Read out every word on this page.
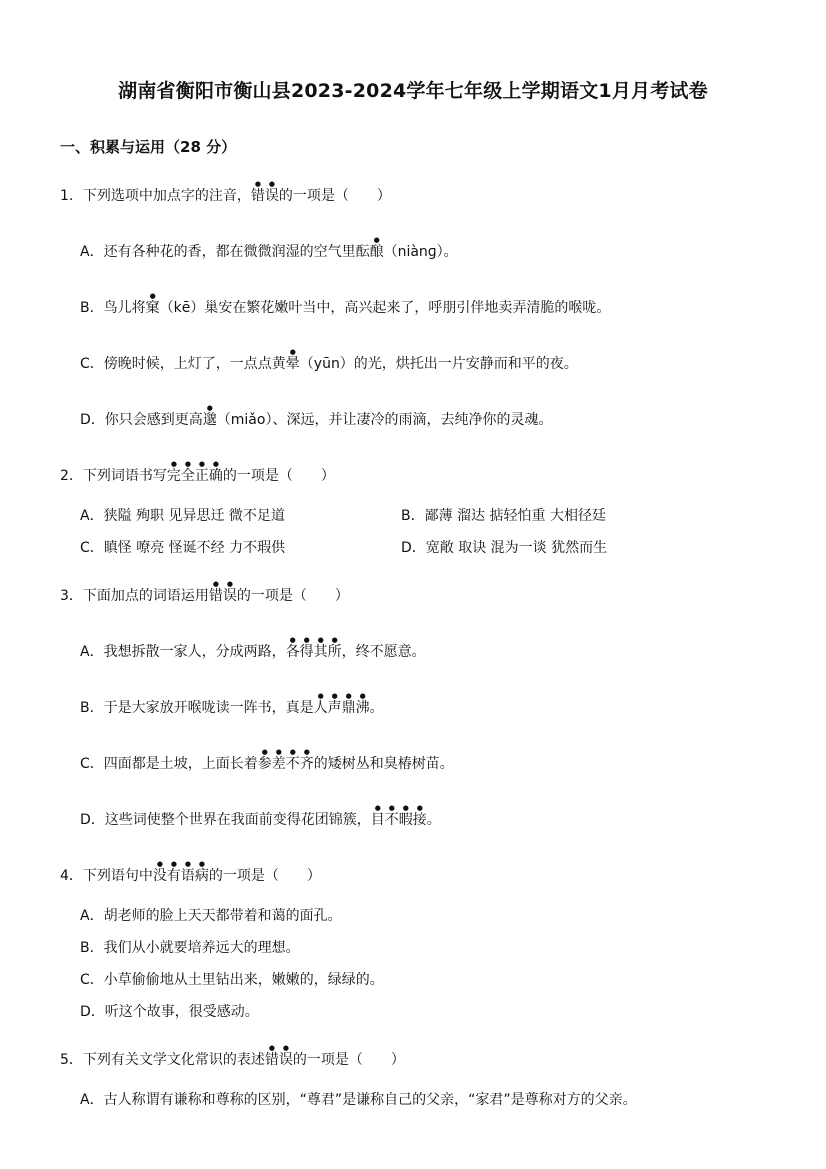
湖南省衡阳市衡山县2023-2024学年七年级上学期语文1月月考试卷
一、积累与运用（28 分）
1．下列选项中加点字的注音，错误的一项是（ ）
A．还有各种花的香，都在微微润湿的空气里酝酿（niànɡ）。
B．鸟儿将窠（kē）巢安在繁花嫩叶当中，高兴起来了，呼朋引伴地卖弄清脆的喉咙。
C．傍晚时候，上灯了，一点点黄晕（yūn）的光，烘托出一片安静而和平的夜。
D．你只会感到更高邈（miǎo）、深远，并让凄冷的雨滴，去纯净你的灵魂。
2．下列词语书写完全正确的一项是（ ）
A．狭隘 殉职 见异思迁 微不足道	B．鄙薄 溜达 掂轻怕重 大相径廷
C．瞋怪 嘹亮 怪诞不经 力不瑕供	D．宽敞 取诀 混为一谈 犹然而生
3．下面加点的词语运用错误的一项是（ ）
A．我想拆散一家人，分成两路，各得其所，终不愿意。
B．于是大家放开喉咙读一阵书，真是人声鼎沸。
C．四面都是土坡，上面长着参差不齐的矮树丛和臭椿树苗。
D．这些词使整个世界在我面前变得花团锦簇，目不暇接。
4．下列语句中没有语病的一项是（ ）
A．胡老师的脸上天天都带着和蔼的面孔。
B．我们从小就要培养远大的理想。
C．小草偷偷地从土里钻出来，嫩嫩的，绿绿的。
D．听这个故事，很受感动。
5．下列有关文学文化常识的表述错误的一项是（ ）
A．古人称谓有谦称和尊称的区别，“尊君”是谦称自己的父亲，“家君”是尊称对方的父亲。
